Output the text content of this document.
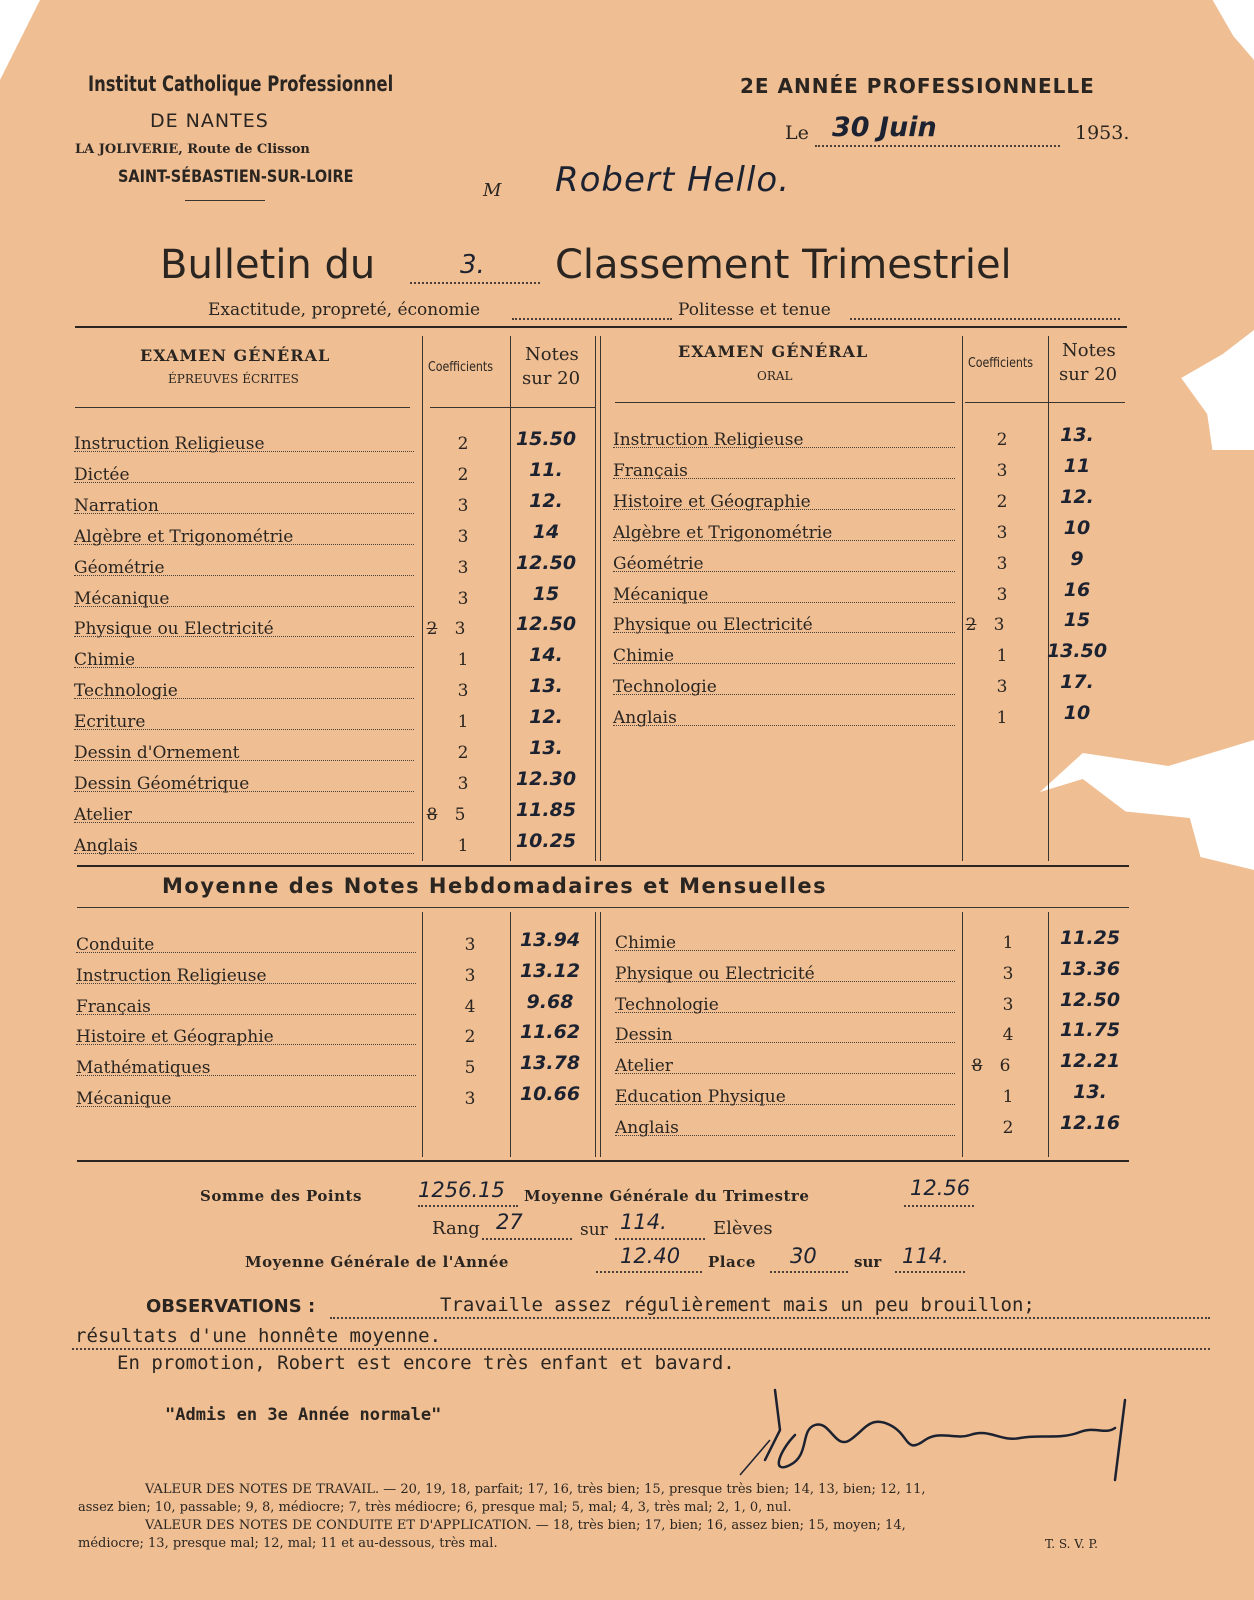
Institut Catholique Professionnel
DE NANTES
LA JOLIVERIE, Route de Clisson
SAINT-SÉBASTIEN-SUR-LOIRE
2E ANNÉE PROFESSIONNELLE
Le 30 Juin	1953.
M Robert Hello.
Bulletin du	3. Classement Trimestriel
Exactitude, propreté, économie	Politesse et tenue
EXAMEN GÉNÉRAL
ÉPREUVES ÉCRITES
Coefficients
Notes
sur 20
EXAMEN GÉNÉRAL
ORAL
Coefficients
Notes
sur 20
Instruction Religieuse	2	15.50
Dictée	2	11.
Narration	3	12.
Algèbre et Trigonométrie	3	14
Géométrie	3	12.50
Mécanique	3	15
Physique ou Electricité	2	3	12.50
Chimie	1	14.
Technologie	3	13.
Ecriture	1	12.
Dessin d'Ornement	2	13.
Dessin Géométrique	3	12.30
Atelier	8	5	11.85
Anglais	1	10.25
Instruction Religieuse	2	13.
Français	3	11
Histoire et Géographie	2	12.
Algèbre et Trigonométrie	3	10
Géométrie	3	9
Mécanique	3	16
Physique ou Electricité	2	3	15
Chimie	1	13.50
Technologie	3	17.
Anglais	1	10
Moyenne des Notes Hebdomadaires et Mensuelles
Conduite	3	13.94
Instruction Religieuse	3	13.12
Français	4	9.68
Histoire et Géographie	2	11.62
Mathématiques	5	13.78
Mécanique	3	10.66
Chimie	1	11.25
Physique ou Electricité	3	13.36
Technologie	3	12.50
Dessin	4	11.75
Atelier	8	6	12.21
Education Physique	1	13.
Anglais	2	12.16
Somme des Points	1256.15 Moyenne Générale du Trimestre	12.56
Rang 27	sur 114.	Elèves
Moyenne Générale de l'Année	12.40 Place 30 sur 114.
OBSERVATIONS :	Travaille assez régulièrement mais un peu brouillon;
résultats d'une honnête moyenne.
En promotion, Robert est encore très enfant et bavard.
"Admis en 3e Année normale"
VALEUR DES NOTES DE TRAVAIL. — 20, 19, 18, parfait; 17, 16, très bien; 15, presque très bien; 14, 13, bien; 12, 11,
assez bien; 10, passable; 9, 8, médiocre; 7, très médiocre; 6, presque mal; 5, mal; 4, 3, très mal; 2, 1, 0, nul.
VALEUR DES NOTES DE CONDUITE ET D'APPLICATION. — 18, très bien; 17, bien; 16, assez bien; 15, moyen; 14,
médiocre; 13, presque mal; 12, mal; 11 et au-dessous, très mal.	T. S. V. P.
